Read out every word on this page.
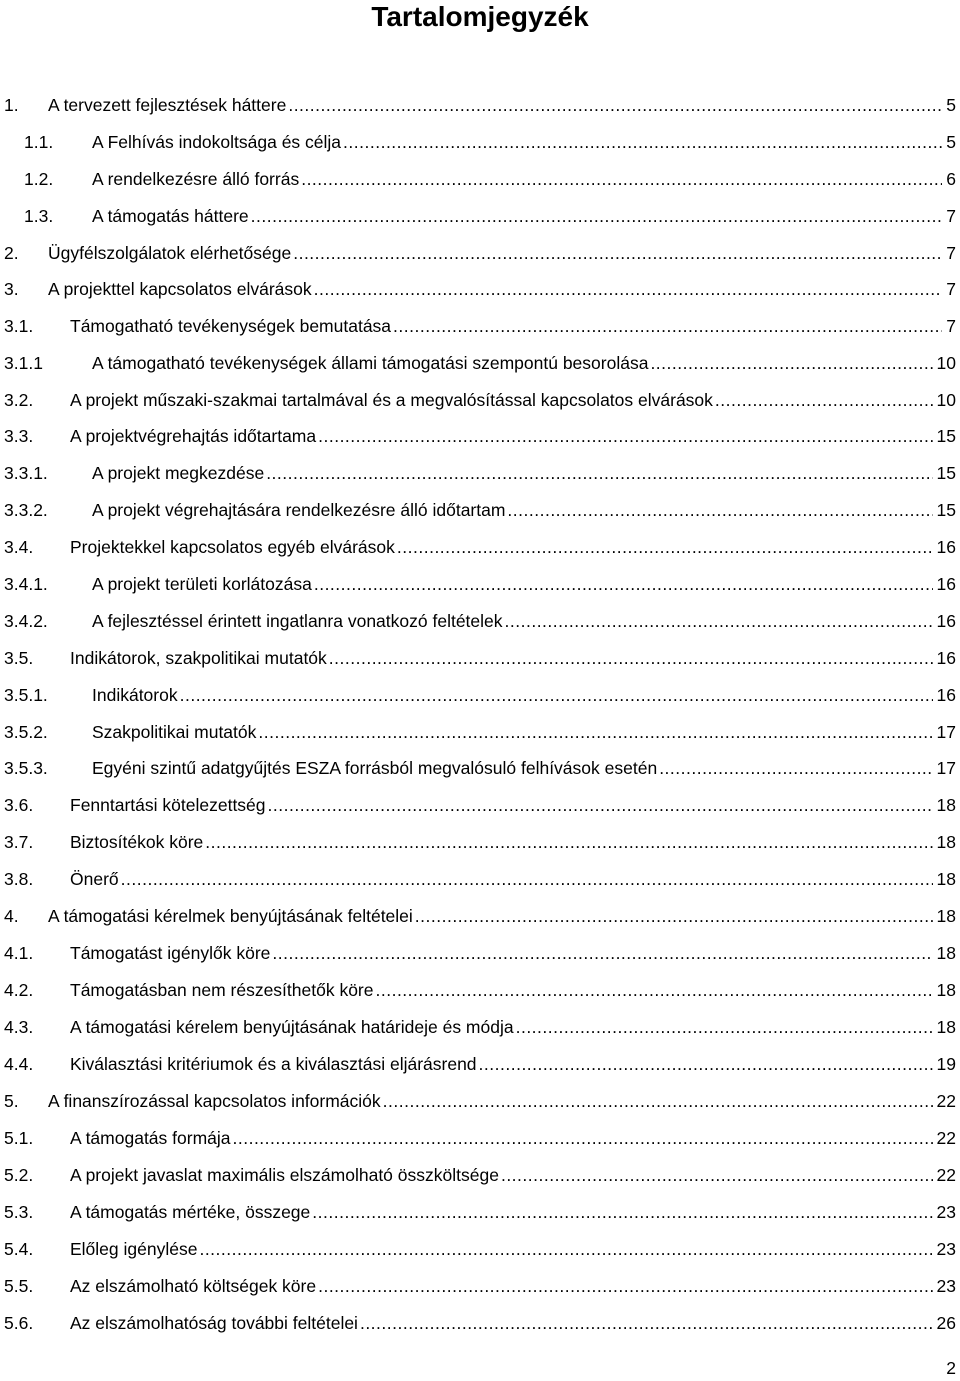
Tartalomjegyzék
1. A tervezett fejlesztések háttere .....	5
1.1. A Felhívás indokoltsága és célja .....	5
1.2. A rendelkezésre álló forrás .....	6
1.3. A támogatás háttere .....	7
2. Ügyfélszolgálatok elérhetősége .....	7
3. A projekttel kapcsolatos elvárások .....	7
3.1. Támogatható tevékenységek bemutatása .....	7
3.1.1	A támogatható tevékenységek állami támogatási szempontú besorolása .....	10
3.2. A projekt műszaki-szakmai tartalmával és a megvalósítással kapcsolatos elvárások .....	10
3.3. A projektvégrehajtás időtartama .....	15
3.3.1.	A projekt megkezdése .....	15
3.3.2.	A projekt végrehajtására rendelkezésre álló időtartam .....	15
3.4. Projektekkel kapcsolatos egyéb elvárások .....	16
3.4.1.	A projekt területi korlátozása .....	16
3.4.2.	A fejlesztéssel érintett ingatlanra vonatkozó feltételek .....	16
3.5. Indikátorok, szakpolitikai mutatók .....	16
3.5.1.	Indikátorok .....	16
3.5.2.	Szakpolitikai mutatók .....	17
3.5.3.	Egyéni szintű adatgyűjtés ESZA forrásból megvalósuló felhívások esetén .....	17
3.6. Fenntartási kötelezettség .....	18
3.7. Biztosítékok köre .....	18
3.8. Önerő .....	18
4. A támogatási kérelmek benyújtásának feltételei .....	18
4.1. Támogatást igénylők köre .....	18
4.2. Támogatásban nem részesíthetők köre .....	18
4.3. A támogatási kérelem benyújtásának határideje és módja .....	18
4.4. Kiválasztási kritériumok és a kiválasztási eljárásrend .....	19
5. A finanszírozással kapcsolatos információk .....	22
5.1. A támogatás formája .....	22
5.2. A projekt javaslat maximális elszámolható összköltsége .....	22
5.3. A támogatás mértéke, összege .....	23
5.4. Előleg igénylése .....	23
5.5. Az elszámolható költségek köre .....	23
5.6. Az elszámolhatóság további feltételei .....	26
2
